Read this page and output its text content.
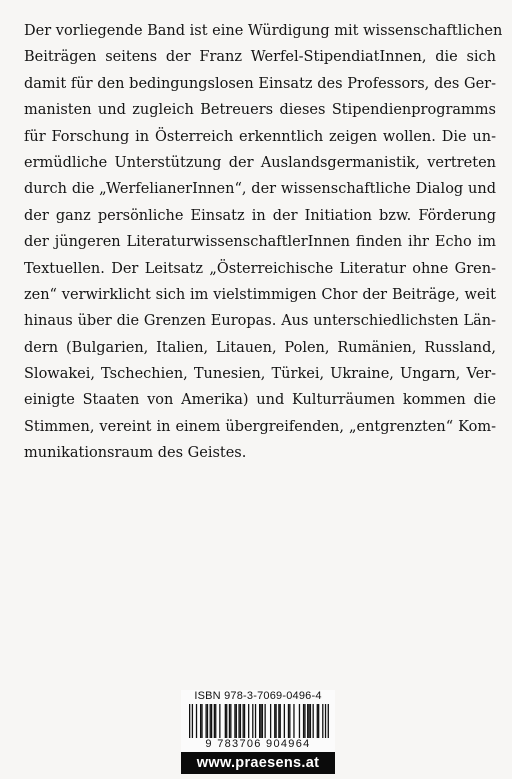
Der vorliegende Band ist eine Würdigung mit wissenschaftlichen
Beiträgen seitens der Franz Werfel-StipendiatInnen, die sich
damit für den bedingungslosen Einsatz des Professors, des Ger-
manisten und zugleich Betreuers dieses Stipendienprogramms
für Forschung in Österreich erkenntlich zeigen wollen. Die un-
ermüdliche Unterstützung der Auslandsgermanistik, vertreten
durch die „WerfelianerInnen“, der wissenschaftliche Dialog und
der ganz persönliche Einsatz in der Initiation bzw. Förderung
der jüngeren LiteraturwissenschaftlerInnen finden ihr Echo im
Textuellen. Der Leitsatz „Österreichische Literatur ohne Gren-
zen“ verwirklicht sich im vielstimmigen Chor der Beiträge, weit
hinaus über die Grenzen Europas. Aus unterschiedlichsten Län-
dern (Bulgarien, Italien, Litauen, Polen, Rumänien, Russland,
Slowakei, Tschechien, Tunesien, Türkei, Ukraine, Ungarn, Ver-
einigte Staaten von Amerika) und Kulturräumen kommen die
Stimmen, vereint in einem übergreifenden, „entgrenzten“ Kom-
munikationsraum des Geistes.
ISBN 978-3-7069-0496-4
9 783706 904964
www.praesens.at
